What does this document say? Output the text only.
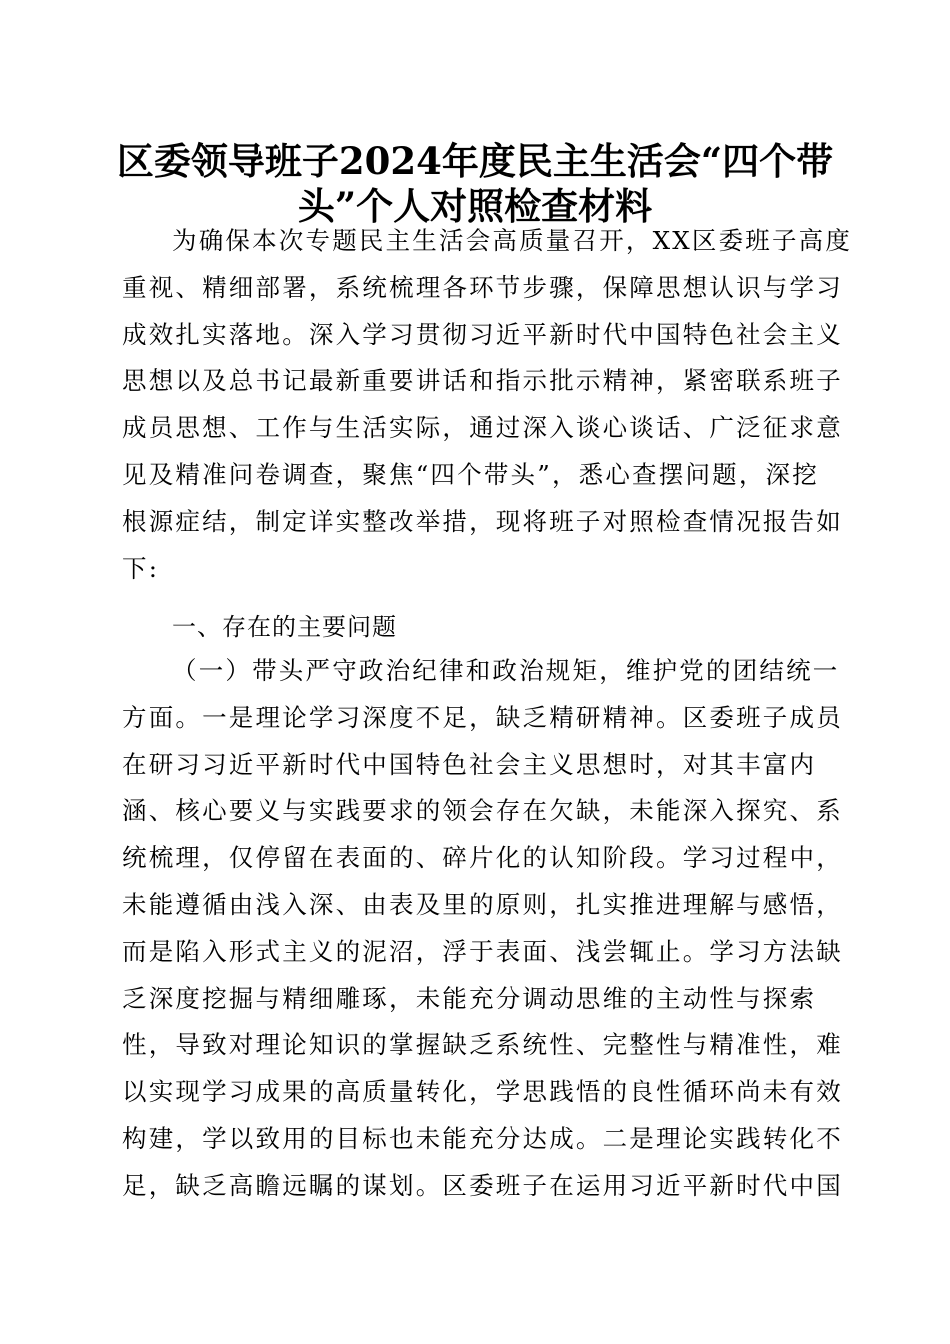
区委领导班子2024年度民主生活会“四个带
头”个人对照检查材料
为确保本次专题民主生活会高质量召开，XX区委班子高度
重视、精细部署，系统梳理各环节步骤，保障思想认识与学习
成效扎实落地。深入学习贯彻习近平新时代中国特色社会主义
思想以及总书记最新重要讲话和指示批示精神，紧密联系班子
成员思想、工作与生活实际，通过深入谈心谈话、广泛征求意
见及精准问卷调查，聚焦“四个带头”，悉心查摆问题，深挖
根源症结，制定详实整改举措，现将班子对照检查情况报告如
下:
一、存在的主要问题
（一）带头严守政治纪律和政治规矩，维护党的团结统一
方面。一是理论学习深度不足，缺乏精研精神。区委班子成员
在研习习近平新时代中国特色社会主义思想时，对其丰富内
涵、核心要义与实践要求的领会存在欠缺，未能深入探究、系
统梳理，仅停留在表面的、碎片化的认知阶段。学习过程中，
未能遵循由浅入深、由表及里的原则，扎实推进理解与感悟，
而是陷入形式主义的泥沼，浮于表面、浅尝辄止。学习方法缺
乏深度挖掘与精细雕琢，未能充分调动思维的主动性与探索
性，导致对理论知识的掌握缺乏系统性、完整性与精准性，难
以实现学习成果的高质量转化，学思践悟的良性循环尚未有效
构建，学以致用的目标也未能充分达成。二是理论实践转化不
足，缺乏高瞻远瞩的谋划。区委班子在运用习近平新时代中国
